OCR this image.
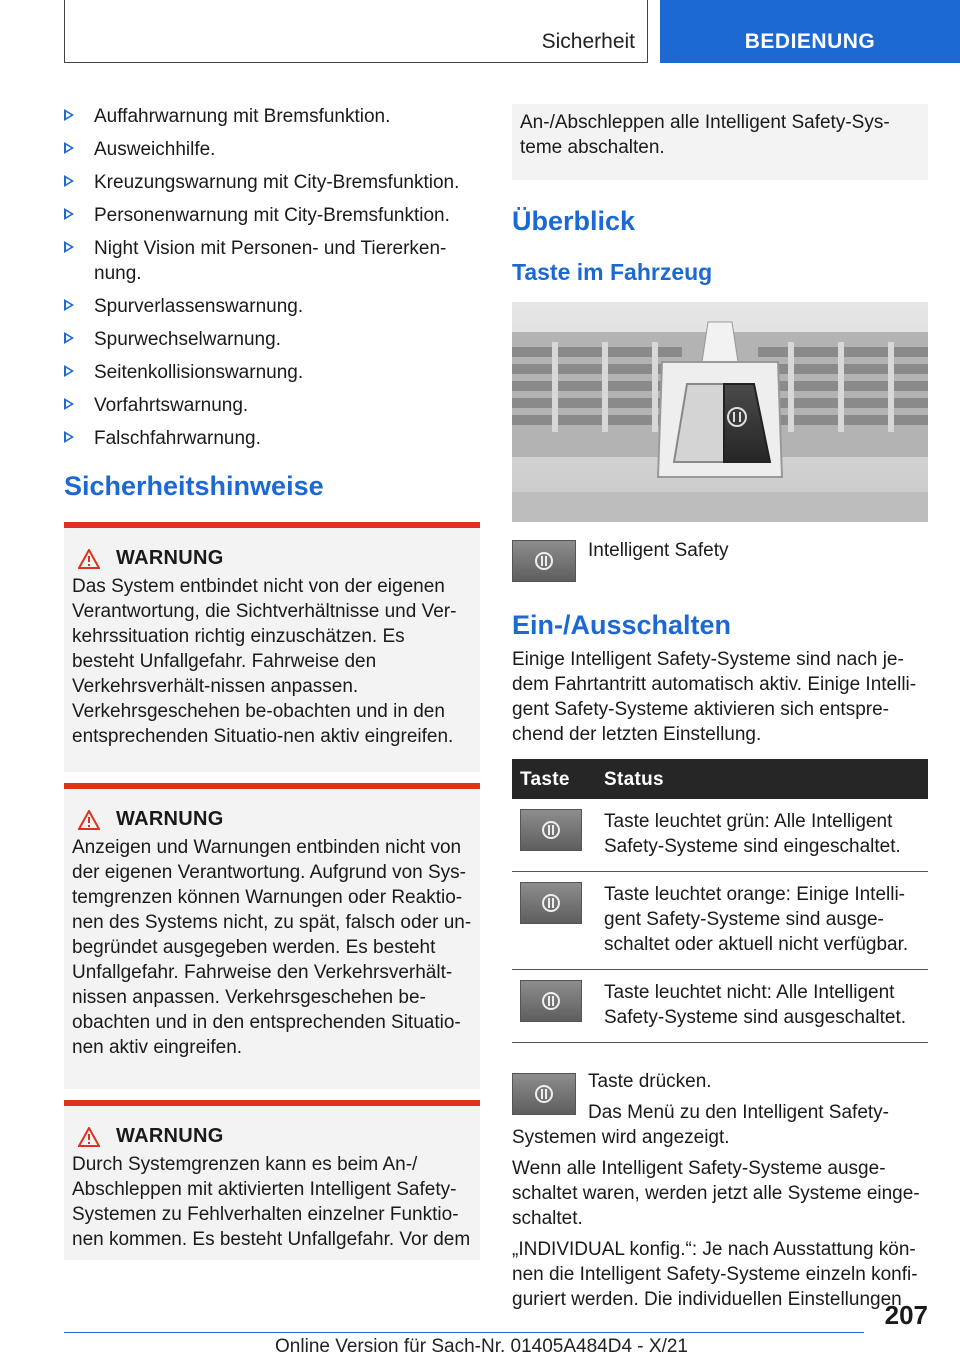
Sicherheit	BEDIENUNG
Auffahrwarnung mit Bremsfunktion.
Ausweichhilfe.
Kreuzungswarnung mit City-Bremsfunktion.
Personenwarnung mit City-Bremsfunktion.
Night Vision mit Personen- und Tiererken-
nung.
Spurverlassenswarnung.
Spurwechselwarnung.
Seitenkollisionswarnung.
Vorfahrtswarnung.
Falschfahrwarnung.
Sicherheitshinweise
WARNUNG
Das System entbindet nicht von der eigenen Verantwortung, die Sichtverhältnisse und Ver-kehrssituation richtig einzuschätzen. Es besteht Unfallgefahr. Fahrweise den Verkehrsverhält-nissen anpassen. Verkehrsgeschehen be-obachten und in den entsprechenden Situatio-nen aktiv eingreifen.
WARNUNG
Anzeigen und Warnungen entbinden nicht von der eigenen Verantwortung. Aufgrund von Sys-temgrenzen können Warnungen oder Reaktio-nen des Systems nicht, zu spät, falsch oder un-begründet ausgegeben werden. Es besteht Unfallgefahr. Fahrweise den Verkehrsverhält-nissen anpassen. Verkehrsgeschehen be-obachten und in den entsprechenden Situatio-nen aktiv eingreifen.
WARNUNG
Durch Systemgrenzen kann es beim An-/ Abschleppen mit aktivierten Intelligent Safety-Systemen zu Fehlverhalten einzelner Funktio-nen kommen. Es besteht Unfallgefahr. Vor dem
An-/Abschleppen alle Intelligent Safety-Sys-teme abschalten.
Überblick
Taste im Fahrzeug
Intelligent Safety
Ein-/Ausschalten
Einige Intelligent Safety-Systeme sind nach je-dem Fahrtantritt automatisch aktiv. Einige Intelli-gent Safety-Systeme aktivieren sich entspre-chend der letzten Einstellung.
Taste	Status

	Taste leuchtet grün: Alle Intelligent Safety-Systeme sind eingeschaltet.

	Taste leuchtet orange: Einige Intelli-gent Safety-Systeme sind ausge-schaltet oder aktuell nicht verfügbar.

	Taste leuchtet nicht: Alle Intelligent Safety-Systeme sind ausgeschaltet.
Taste drücken.
Das Menü zu den Intelligent Safety-
Systemen wird angezeigt.
Wenn alle Intelligent Safety-Systeme ausge-schaltet waren, werden jetzt alle Systeme einge-schaltet.
„INDIVIDUAL konfig.“: Je nach Ausstattung kön-nen die Intelligent Safety-Systeme einzeln konfi-guriert werden. Die individuellen Einstellungen
207
Online Version für Sach-Nr. 01405A484D4 - X/21
